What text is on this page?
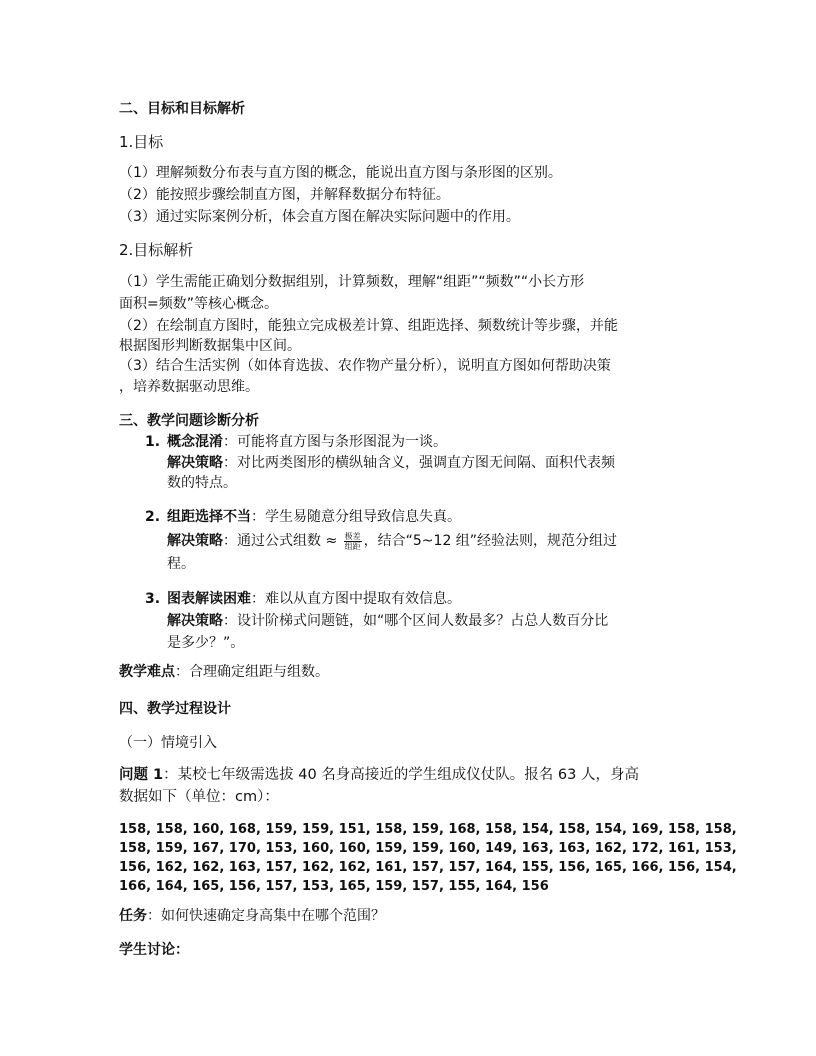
二、目标和目标解析
1.目标
（1）理解频数分布表与直方图的概念，能说出直方图与条形图的区别。
（2）能按照步骤绘制直方图，并解释数据分布特征。
（3）通过实际案例分析，体会直方图在解决实际问题中的作用。
2.目标解析
（1）学生需能正确划分数据组别，计算频数，理解“组距”“频数”“小长方形
面积=频数”等核心概念。
（2）在绘制直方图时，能独立完成极差计算、组距选择、频数统计等步骤，并能
根据图形判断数据集中区间。
（3）结合生活实例（如体育选拔、农作物产量分析），说明直方图如何帮助决策
，培养数据驱动思维。
三、教学问题诊断分析
1. 概念混淆：可能将直方图与条形图混为一谈。
解决策略：对比两类图形的横纵轴含义，强调直方图无间隔、面积代表频
数的特点。
2. 组距选择不当：学生易随意分组导致信息失真。
解决策略：通过公式组数 ≈ $\frac{\text{极差}}{\text{组距}}$ ，结合“5~12 组”经验法则，规范分组过
程。
3. 图表解读困难：难以从直方图中提取有效信息。
解决策略：设计阶梯式问题链，如“哪个区间人数最多？占总人数百分比
是多少？”。
教学难点：合理确定组距与组数。
四、教学过程设计
（一）情境引入
问题 1：某校七年级需选拔 40 名身高接近的学生组成仪仗队。报名 63 人，身高
数据如下（单位：cm）：
158, 158, 160, 168, 159, 159, 151, 158, 159, 168, 158, 154, 158, 154, 169, 158, 158,
158, 159, 167, 170, 153, 160, 160, 159, 159, 160, 149, 163, 163, 162, 172, 161, 153,
156, 162, 162, 163, 157, 162, 162, 161, 157, 157, 164, 155, 156, 165, 166, 156, 154,
166, 164, 165, 156, 157, 153, 165, 159, 157, 155, 164, 156
任务：如何快速确定身高集中在哪个范围？
学生讨论：
